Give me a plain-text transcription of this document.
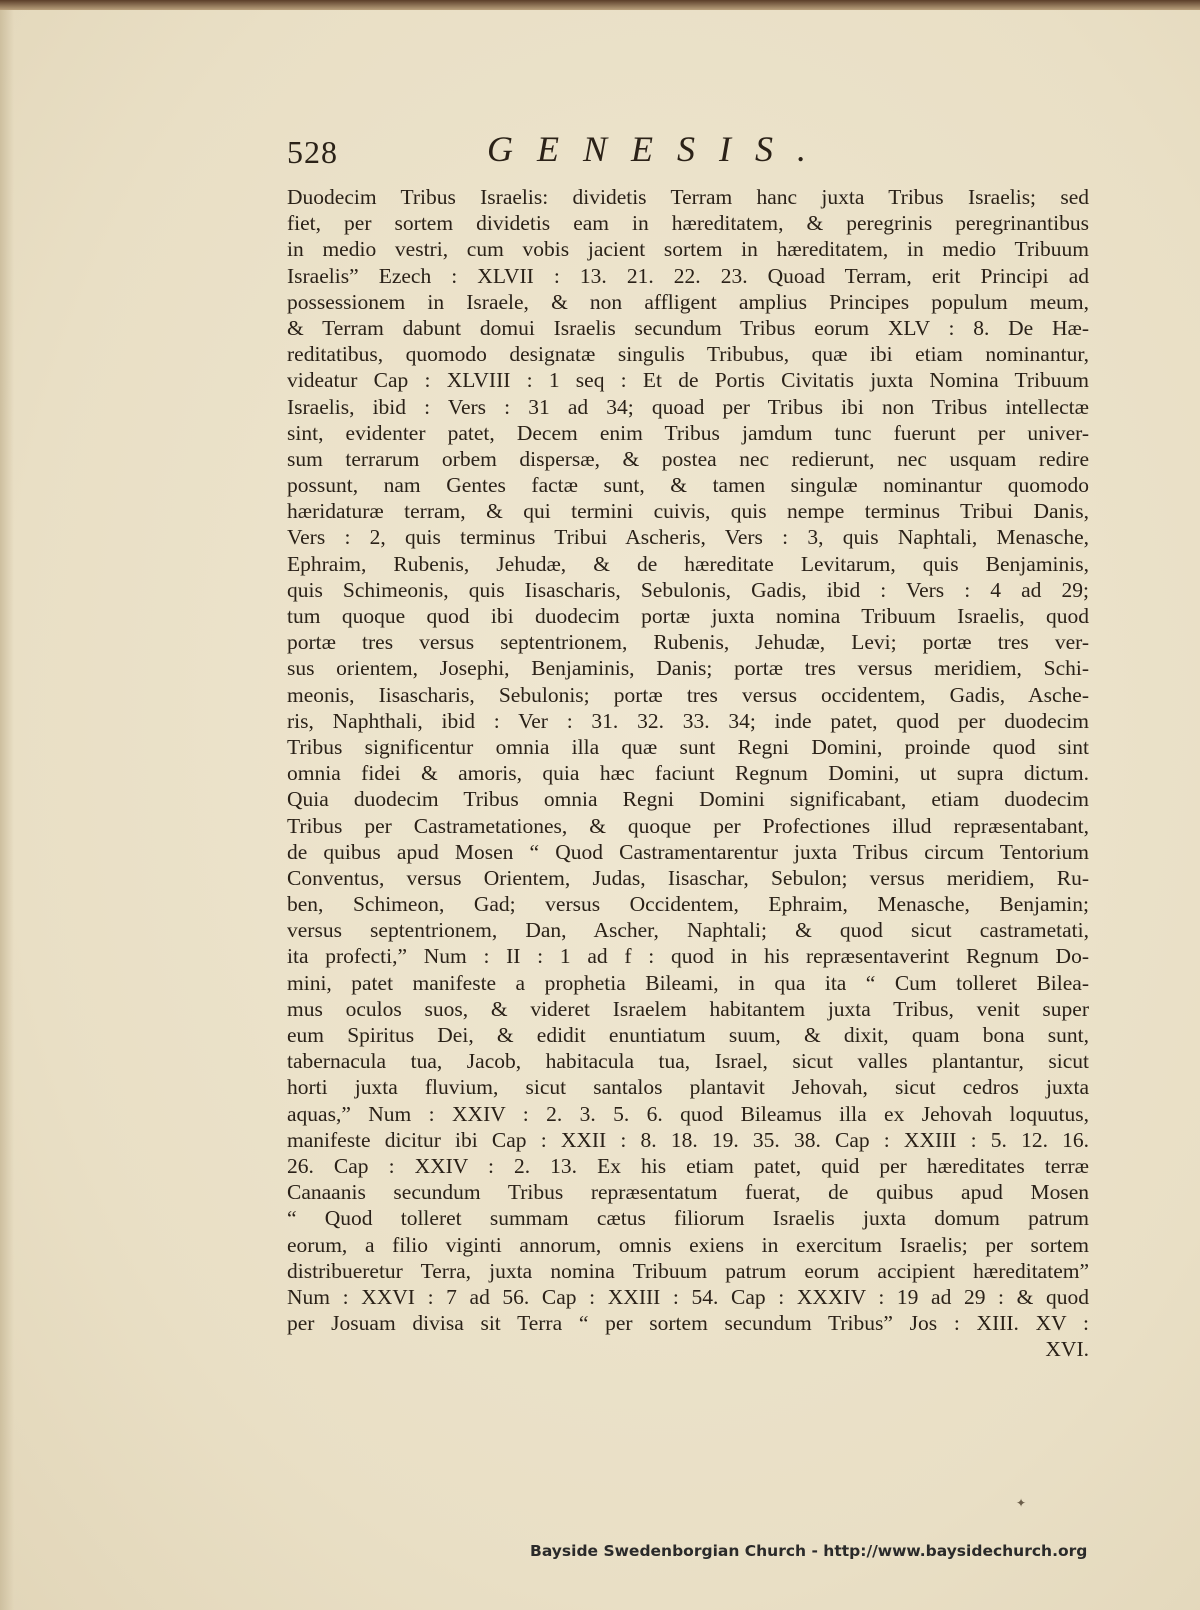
528	GENESIS.
Duodecim Tribus Israelis: dividetis Terram hanc juxta Tribus Israelis; sed
fiet, per sortem dividetis eam in hæreditatem, & peregrinis peregrinantibus
in medio vestri, cum vobis jacient sortem in hæreditatem, in medio Tribuum
Israelis” Ezech : XLVII : 13. 21. 22. 23. Quoad Terram, erit Principi ad
possessionem in Israele, & non affligent amplius Principes populum meum,
& Terram dabunt domui Israelis secundum Tribus eorum XLV : 8. De Hæ-
reditatibus, quomodo designatæ singulis Tribubus, quæ ibi etiam nominantur,
videatur Cap : XLVIII : 1 seq : Et de Portis Civitatis juxta Nomina Tribuum
Israelis, ibid : Vers : 31 ad 34; quoad per Tribus ibi non Tribus intellectæ
sint, evidenter patet, Decem enim Tribus jamdum tunc fuerunt per univer-
sum terrarum orbem dispersæ, & postea nec redierunt, nec usquam redire
possunt, nam Gentes factæ sunt, & tamen singulæ nominantur quomodo
hæridaturæ terram, & qui termini cuivis, quis nempe terminus Tribui Danis,
Vers : 2, quis terminus Tribui Ascheris, Vers : 3, quis Naphtali, Menasche,
Ephraim, Rubenis, Jehudæ, & de hæreditate Levitarum, quis Benjaminis,
quis Schimeonis, quis Iisascharis, Sebulonis, Gadis, ibid : Vers : 4 ad 29;
tum quoque quod ibi duodecim portæ juxta nomina Tribuum Israelis, quod
portæ tres versus septentrionem, Rubenis, Jehudæ, Levi; portæ tres ver-
sus orientem, Josephi, Benjaminis, Danis; portæ tres versus meridiem, Schi-
meonis, Iisascharis, Sebulonis; portæ tres versus occidentem, Gadis, Asche-
ris, Naphthali, ibid : Ver : 31. 32. 33. 34; inde patet, quod per duodecim
Tribus significentur omnia illa quæ sunt Regni Domini, proinde quod sint
omnia fidei & amoris, quia hæc faciunt Regnum Domini, ut supra dictum.
Quia duodecim Tribus omnia Regni Domini significabant, etiam duodecim
Tribus per Castrametationes, & quoque per Profectiones illud repræsentabant,
de quibus apud Mosen “ Quod Castramentarentur juxta Tribus circum Tentorium
Conventus, versus Orientem, Judas, Iisaschar, Sebulon; versus meridiem, Ru-
ben, Schimeon, Gad; versus Occidentem, Ephraim, Menasche, Benjamin;
versus septentrionem, Dan, Ascher, Naphtali; & quod sicut castrametati,
ita profecti,” Num : II : 1 ad f : quod in his repræsentaverint Regnum Do-
mini, patet manifeste a prophetia Bileami, in qua ita “ Cum tolleret Bilea-
mus oculos suos, & videret Israelem habitantem juxta Tribus, venit super
eum Spiritus Dei, & edidit enuntiatum suum, & dixit, quam bona sunt,
tabernacula tua, Jacob, habitacula tua, Israel, sicut valles plantantur, sicut
horti juxta fluvium, sicut santalos plantavit Jehovah, sicut cedros juxta
aquas,” Num : XXIV : 2. 3. 5. 6. quod Bileamus illa ex Jehovah loquutus,
manifeste dicitur ibi Cap : XXII : 8. 18. 19. 35. 38. Cap : XXIII : 5. 12. 16.
26. Cap : XXIV : 2. 13. Ex his etiam patet, quid per hæreditates terræ
Canaanis secundum Tribus repræsentatum fuerat, de quibus apud Mosen
“ Quod tolleret summam cætus filiorum Israelis juxta domum patrum
eorum, a filio viginti annorum, omnis exiens in exercitum Israelis; per sortem
distribueretur Terra, juxta nomina Tribuum patrum eorum accipient hæreditatem”
Num : XXVI : 7 ad 56. Cap : XXIII : 54. Cap : XXXIV : 19 ad 29 : & quod
per Josuam divisa sit Terra “ per sortem secundum Tribus” Jos : XIII. XV :
XVI.
✦
Bayside Swedenborgian Church - http://www.baysidechurch.org
